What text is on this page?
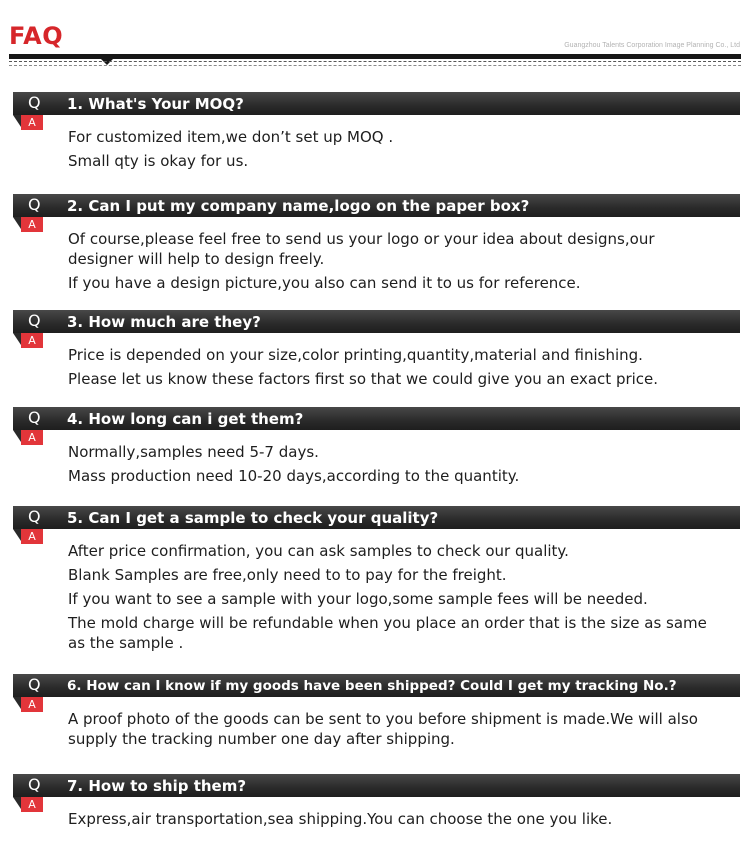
FAQ	Guangzhou Talents Corporation Image Planning Co., Ltd
Q 1. What's Your MOQ?
A

For customized item,we don’t set up MOQ .

Small qty is okay for us.

Q 2. Can I put my company name,logo on the paper box?
A

Of course,please feel free to send us your logo or your idea about designs,our designer will help to design freely.

If you have a design picture,you also can send it to us for reference.

Q 3. How much are they?
A

Price is depended on your size,color printing,quantity,material and finishing.

Please let us know these factors first so that we could give you an exact price.

Q 4. How long can i get them?
A

Normally,samples need 5-7 days.

Mass production need 10-20 days,according to the quantity.

Q 5. Can I get a sample to check your quality?
A

After price confirmation, you can ask samples to check our quality.

Blank Samples are free,only need to to pay for the freight.

If you want to see a sample with your logo,some sample fees will be needed.

The mold charge will be refundable when you place an order that is the size as same as the sample .

Q 6. How can I know if my goods have been shipped? Could I get my tracking No.?
A

A proof photo of the goods can be sent to you before shipment is made.We will also supply the tracking number one day after shipping.

Q 7. How to ship them?
A

Express,air transportation,sea shipping.You can choose the one you like.
